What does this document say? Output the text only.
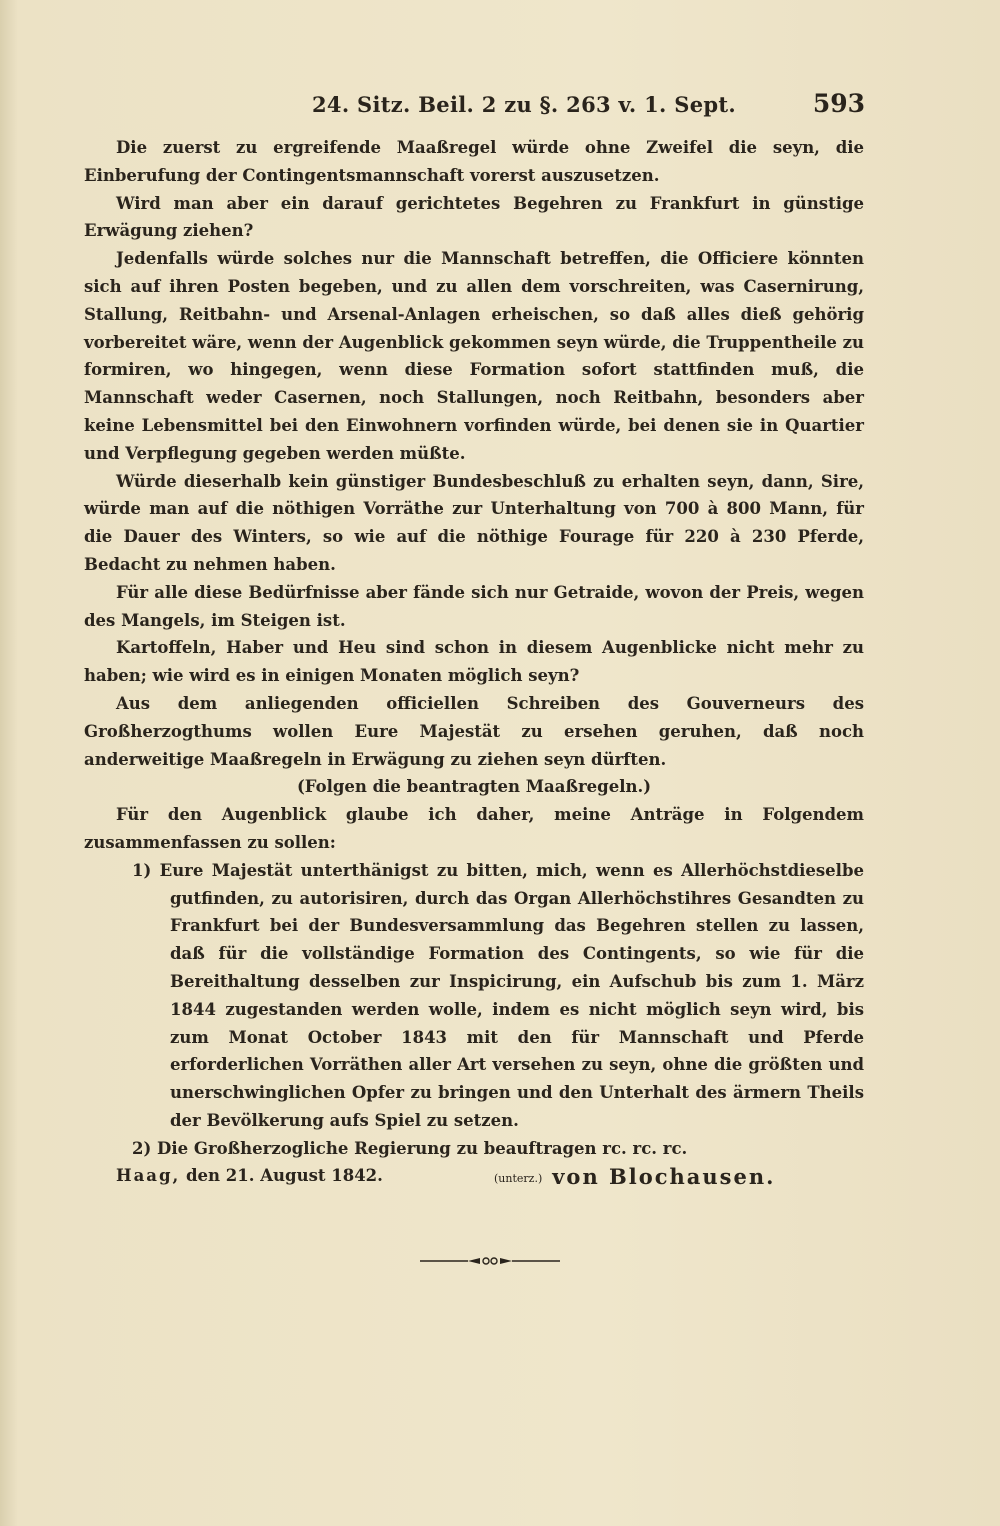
24. Sitz. Beil. 2 zu §. 263 v. 1. Sept.	593

Die zuerst zu ergreifende Maaßregel würde ohne Zweifel die seyn, die Einberufung der Contingentsmannschaft vorerst auszusetzen.

Wird man aber ein darauf gerichtetes Begehren zu Frankfurt in günstige Erwägung ziehen?

Jedenfalls würde solches nur die Mannschaft betreffen, die Officiere könnten sich auf ihren Posten begeben, und zu allen dem vorschreiten, was Casernirung, Stallung, Reitbahn- und Arsenal-Anlagen erheischen, so daß alles dieß gehörig vorbereitet wäre, wenn der Augenblick gekommen seyn würde, die Truppentheile zu formiren, wo hingegen, wenn diese Formation sofort stattfinden muß, die Mannschaft weder Casernen, noch Stallungen, noch Reitbahn, besonders aber keine Lebensmittel bei den Einwohnern vorfinden würde, bei denen sie in Quartier und Verpflegung gegeben werden müßte.

Würde dieserhalb kein günstiger Bundesbeschluß zu erhalten seyn, dann, Sire, würde man auf die nöthigen Vorräthe zur Unterhaltung von 700 à 800 Mann, für die Dauer des Winters, so wie auf die nöthige Fourage für 220 à 230 Pferde, Bedacht zu nehmen haben.

Für alle diese Bedürfnisse aber fände sich nur Getraide, wovon der Preis, wegen des Mangels, im Steigen ist.

Kartoffeln, Haber und Heu sind schon in diesem Augenblicke nicht mehr zu haben; wie wird es in einigen Monaten möglich seyn?

Aus dem anliegenden officiellen Schreiben des Gouverneurs des Großherzogthums wollen Eure Majestät zu ersehen geruhen, daß noch anderweitige Maaßregeln in Erwägung zu ziehen seyn dürften.

(Folgen die beantragten Maaßregeln.)

Für den Augenblick glaube ich daher, meine Anträge in Folgendem zusammenfassen zu sollen:

1) Eure Majestät unterthänigst zu bitten, mich, wenn es Allerhöchstdieselbe gutfinden, zu autorisiren, durch das Organ Allerhöchstihres Gesandten zu Frankfurt bei der Bundesversammlung das Begehren stellen zu lassen, daß für die vollständige Formation des Contingents, so wie für die Bereithaltung desselben zur Inspicirung, ein Aufschub bis zum 1. März 1844 zugestanden werden wolle, indem es nicht möglich seyn wird, bis zum Monat October 1843 mit den für Mannschaft und Pferde erforderlichen Vorräthen aller Art versehen zu seyn, ohne die größten und unerschwinglichen Opfer zu bringen und den Unterhalt des ärmern Theils der Bevölkerung aufs Spiel zu setzen.

2) Die Großherzogliche Regierung zu beauftragen rc. rc. rc.

Haag, den 21. August 1842.	(unterz.) von Blochausen.
